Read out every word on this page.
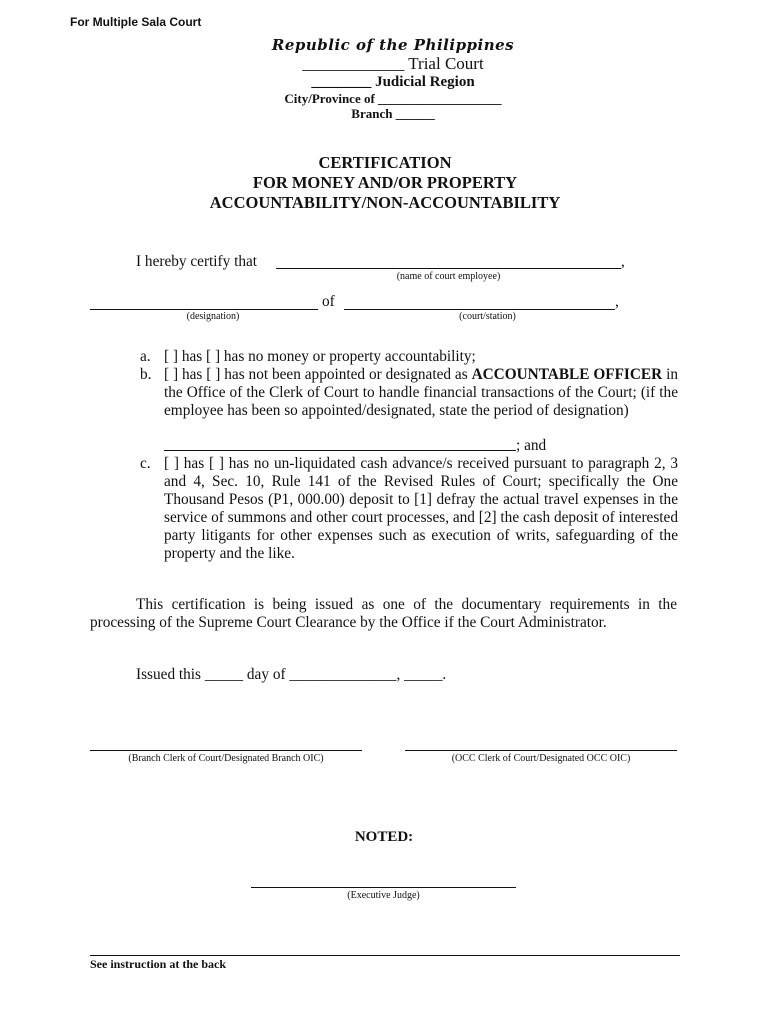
For Multiple Sala Court
Republic of the Philippines
____________ Trial Court
________ Judicial Region
City/Province of ___________________
Branch ______
CERTIFICATION
FOR MONEY AND/OR PROPERTY
ACCOUNTABILITY/NON-ACCOUNTABILITY
I hereby certify that	,
(name of court employee)
of	,
(designation)	(court/station)
a. [ ] has [ ] has no money or property accountability;
b. [ ] has [ ] has not been appointed or designated as ACCOUNTABLE OFFICER in the Office of the Clerk of Court to handle financial transactions of the Court; (if the employee has been so appointed/designated, state the period of designation)
; and
c. [ ] has [ ] has no un-liquidated cash advance/s received pursuant to paragraph 2, 3 and 4, Sec. 10, Rule 141 of the Revised Rules of Court; specifically the One Thousand Pesos (P1, 000.00) deposit to [1] defray the actual travel expenses in the service of summons and other court processes, and [2] the cash deposit of interested party litigants for other expenses such as execution of writs, safeguarding of the property and the like.
This certification is being issued as one of the documentary requirements in the processing of the Supreme Court Clearance by the Office if the Court Administrator.
Issued this _____ day of ______________, _____.
(Branch Clerk of Court/Designated Branch OIC)	(OCC Clerk of Court/Designated OCC OIC)
NOTED:
(Executive Judge)
See instruction at the back
